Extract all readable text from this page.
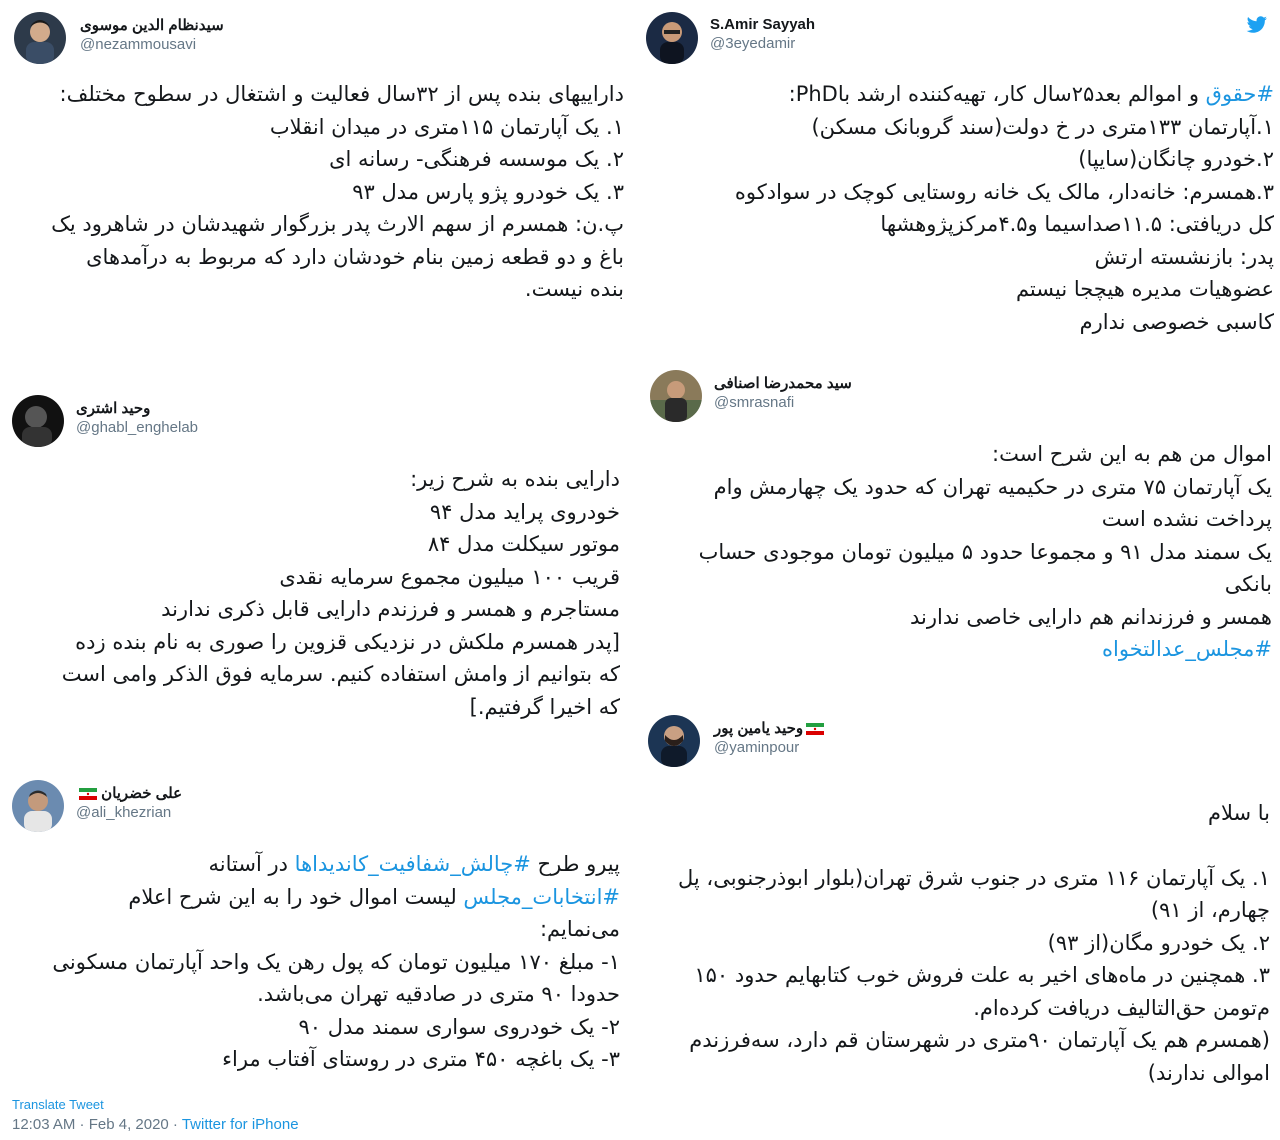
S.Amir Sayyah
@3eyedamir

#حقوق و اموالم بعد۲۵سال کار، تهیه‌کننده ارشد باPhD:

۱.آپارتمان ۱۳۳متری در خ دولت(سند گروبانک مسکن)

۲.خودرو چانگان(سایپا)

۳.همسرم: خانه‌دار، مالک یک خانه روستایی کوچک در سوادکوه

کل دریافتی: ۱۱.۵صداسیما و۴.۵مرکزپژوهشها

پدر: بازنشسته ارتش

عضوهیات مدیره هیچجا نیستم

کاسبی خصوصی ندارم

سیدنظام الدین موسوی
@nezammousavi

داراییهای بنده پس از ۳۲سال فعالیت و اشتغال در سطوح مختلف:

۱. یک آپارتمان ۱۱۵متری در میدان انقلاب

۲. یک موسسه فرهنگی- رسانه ای

۳. یک خودرو پژو پارس مدل ۹۳

پ.ن: همسرم از سهم الارث پدر بزرگوار شهیدشان در شاهرود یک باغ و دو قطعه زمین بنام خودشان دارد که مربوط به درآمدهای بنده نیست.

سید محمدرضا اصنافی
@smrasnafi

اموال من هم به این شرح است:

یک آپارتمان ۷۵ متری در حکیمیه تهران که حدود یک چهارمش وام پرداخت نشده است

یک سمند مدل ۹۱ و مجموعا حدود ۵ میلیون تومان موجودی حساب بانکی

همسر و فرزندانم هم دارایی خاصی ندارند

#مجلس_عدالتخواه

وحید اشتری
@ghabl_enghelab

دارایی بنده به شرح زیر:

خودروی پراید مدل ۹۴

موتور سیکلت مدل ۸۴

قریب ۱۰۰ میلیون مجموع سرمایه نقدی

مستاجرم و همسر و فرزندم دارایی قابل ذکری ندارند

[پدر همسرم ملکش در نزدیکی قزوین را صوری به نام بنده زده که بتوانیم از وامش استفاده کنیم. سرمایه فوق الذکر وامی است که اخیرا گرفتیم.]

وحید یامین پور
@yaminpour

با سلام

۱. یک آپارتمان ۱۱۶ متری در جنوب شرق تهران(بلوار ابوذرجنوبی، پل چهارم، از ۹۱)

۲. یک خودرو مگان(از ۹۳)

۳. همچنین در ماه‌های اخیر به علت فروش خوب کتابهایم حدود ۱۵۰ م‌تومن حق‌التالیف دریافت کرده‌ام.

(همسرم هم یک آپارتمان ۹۰متری در شهرستان قم دارد، سه‌فرزندم اموالی ندارند)

علی خضریان
@ali_khezrian

پیرو طرح #چالش_شفافیت_کاندیداها در آستانه #انتخابات_مجلس لیست اموال خود را به این شرح اعلام می‌نمایم:

۱- مبلغ ۱۷۰ میلیون تومان که پول رهن یک واحد آپارتمان مسکونی حدودا ۹۰ متری در صادقیه تهران می‌باشد.

۲- یک خودروی سواری سمند مدل ۹۰

۳- یک باغچه ۴۵۰ متری در روستای آفتاب مراء

Translate Tweet
12:03 AM · Feb 4, 2020 · Twitter for iPhone
